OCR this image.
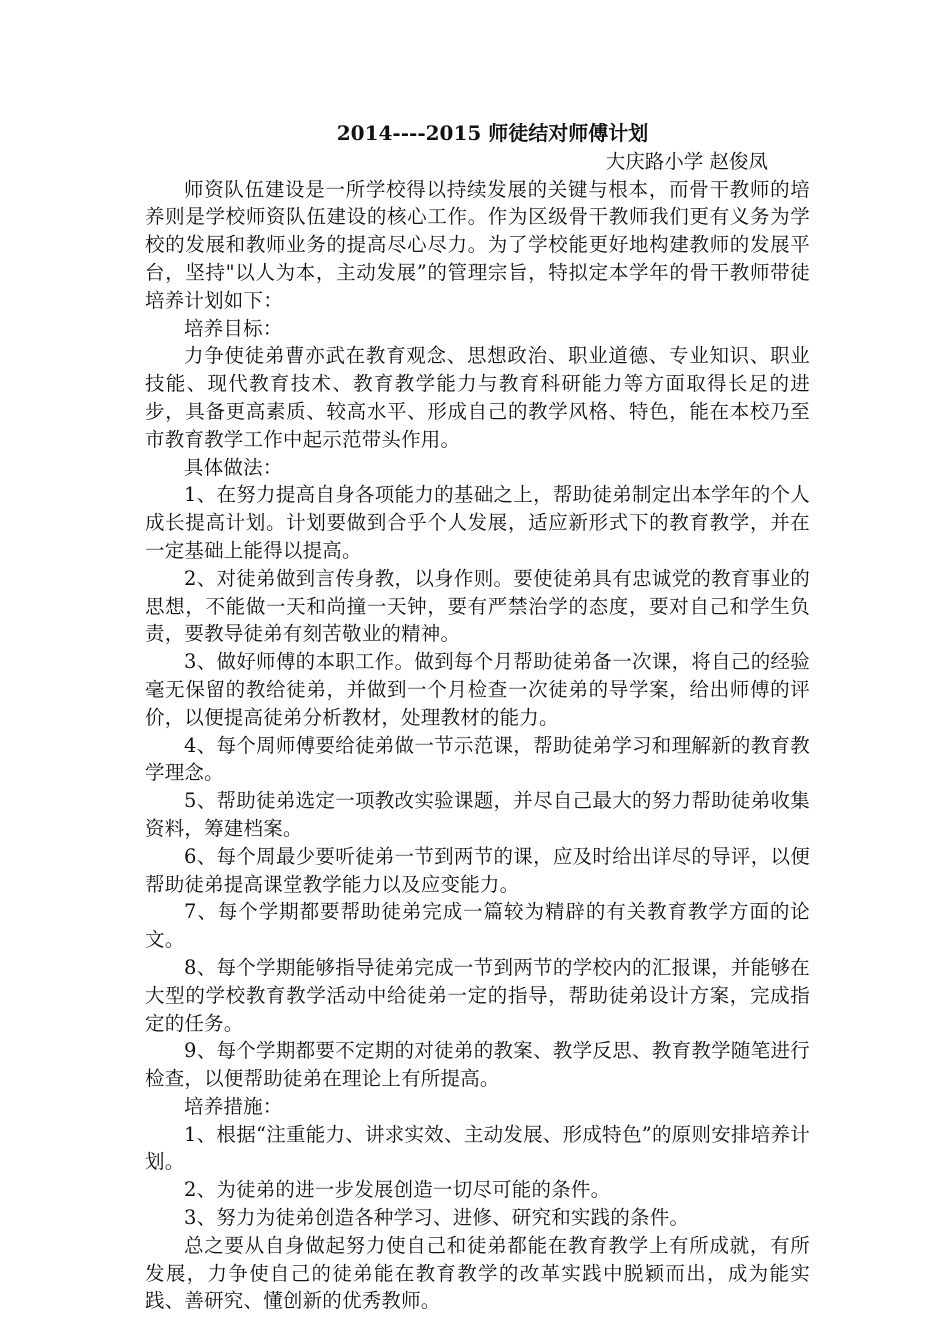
2014----2015 师徒结对师傅计划

大庆路小学 赵俊凤

师资队伍建设是一所学校得以持续发展的关键与根本，而骨干教师的培养则是学校师资队伍建设的核心工作。作为区级骨干教师我们更有义务为学校的发展和教师业务的提高尽心尽力。为了学校能更好地构建教师的发展平台，坚持"以人为本，主动发展”的管理宗旨，特拟定本学年的骨干教师带徒培养计划如下：

培养目标：

力争使徒弟曹亦武在教育观念、思想政治、职业道德、专业知识、职业技能、现代教育技术、教育教学能力与教育科研能力等方面取得长足的进步，具备更高素质、较高水平、形成自己的教学风格、特色，能在本校乃至市教育教学工作中起示范带头作用。

具体做法：

1、在努力提高自身各项能力的基础之上，帮助徒弟制定出本学年的个人成长提高计划。计划要做到合乎个人发展，适应新形式下的教育教学，并在一定基础上能得以提高。

2、对徒弟做到言传身教，以身作则。要使徒弟具有忠诚党的教育事业的思想，不能做一天和尚撞一天钟，要有严禁治学的态度，要对自己和学生负责，要教导徒弟有刻苦敬业的精神。

3、做好师傅的本职工作。做到每个月帮助徒弟备一次课，将自己的经验毫无保留的教给徒弟，并做到一个月检查一次徒弟的导学案，给出师傅的评价，以便提高徒弟分析教材，处理教材的能力。

4、每个周师傅要给徒弟做一节示范课，帮助徒弟学习和理解新的教育教学理念。

5、帮助徒弟选定一项教改实验课题，并尽自己最大的努力帮助徒弟收集资料，筹建档案。

6、每个周最少要听徒弟一节到两节的课，应及时给出详尽的导评，以便帮助徒弟提高课堂教学能力以及应变能力。

7、每个学期都要帮助徒弟完成一篇较为精辟的有关教育教学方面的论文。

8、每个学期能够指导徒弟完成一节到两节的学校内的汇报课，并能够在大型的学校教育教学活动中给徒弟一定的指导，帮助徒弟设计方案，完成指定的任务。

9、每个学期都要不定期的对徒弟的教案、教学反思、教育教学随笔进行检查，以便帮助徒弟在理论上有所提高。

培养措施：

1、根据“注重能力、讲求实效、主动发展、形成特色”的原则安排培养计划。

2、为徒弟的进一步发展创造一切尽可能的条件。

3、努力为徒弟创造各种学习、进修、研究和实践的条件。

总之要从自身做起努力使自己和徒弟都能在教育教学上有所成就，有所发展，力争使自己的徒弟能在教育教学的改革实践中脱颖而出，成为能实践、善研究、懂创新的优秀教师。
